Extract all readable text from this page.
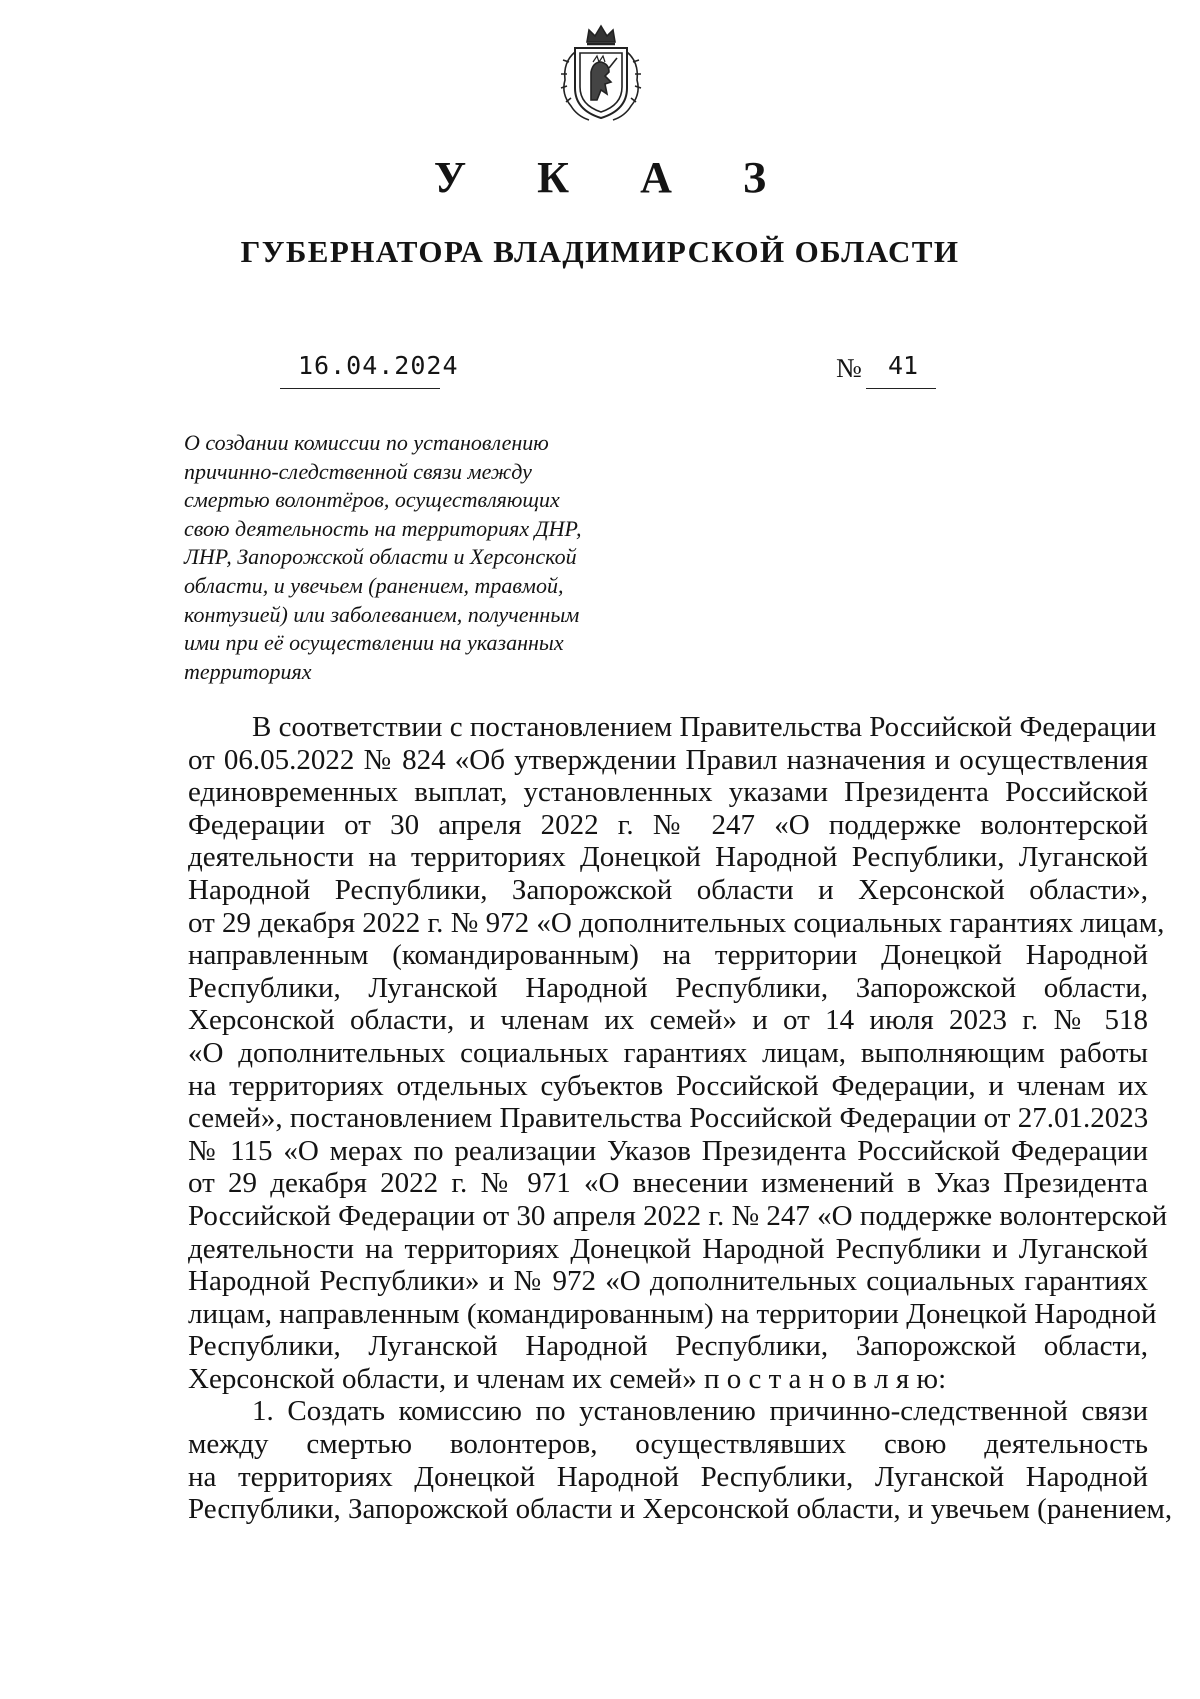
У К А З
ГУБЕРНАТОРА ВЛАДИМИРСКОЙ ОБЛАСТИ
16.04.2024	№ 41
О создании комиссии по установлению
причинно-следственной связи между
смертью волонтёров, осуществляющих
свою деятельность на территориях ДНР,
ЛНР, Запорожской области и Херсонской
области, и увечьем (ранением, травмой,
контузией) или заболеванием, полученным
ими при её осуществлении на указанных
территориях
В соответствии с постановлением Правительства Российской Федерации
от 06.05.2022 № 824 «Об утверждении Правил назначения и осуществления
единовременных выплат, установленных указами Президента Российской
Федерации от 30 апреля 2022 г. № 247 «О поддержке волонтерской
деятельности на территориях Донецкой Народной Республики, Луганской
Народной Республики, Запорожской области и Херсонской области»,
от 29 декабря 2022 г. № 972 «О дополнительных социальных гарантиях лицам,
направленным (командированным) на территории Донецкой Народной
Республики, Луганской Народной Республики, Запорожской области,
Херсонской области, и членам их семей» и от 14 июля 2023 г. № 518
«О дополнительных социальных гарантиях лицам, выполняющим работы
на территориях отдельных субъектов Российской Федерации, и членам их
семей», постановлением Правительства Российской Федерации от 27.01.2023
№ 115 «О мерах по реализации Указов Президента Российской Федерации
от 29 декабря 2022 г. № 971 «О внесении изменений в Указ Президента
Российской Федерации от 30 апреля 2022 г. № 247 «О поддержке волонтерской
деятельности на территориях Донецкой Народной Республики и Луганской
Народной Республики» и № 972 «О дополнительных социальных гарантиях
лицам, направленным (командированным) на территории Донецкой Народной
Республики, Луганской Народной Республики, Запорожской области,
Херсонской области, и членам их семей» п о с т а н о в л я ю:
1. Создать комиссию по установлению причинно-следственной связи
между смертью волонтеров, осуществлявших свою деятельность
на территориях Донецкой Народной Республики, Луганской Народной
Республики, Запорожской области и Херсонской области, и увечьем (ранением,
